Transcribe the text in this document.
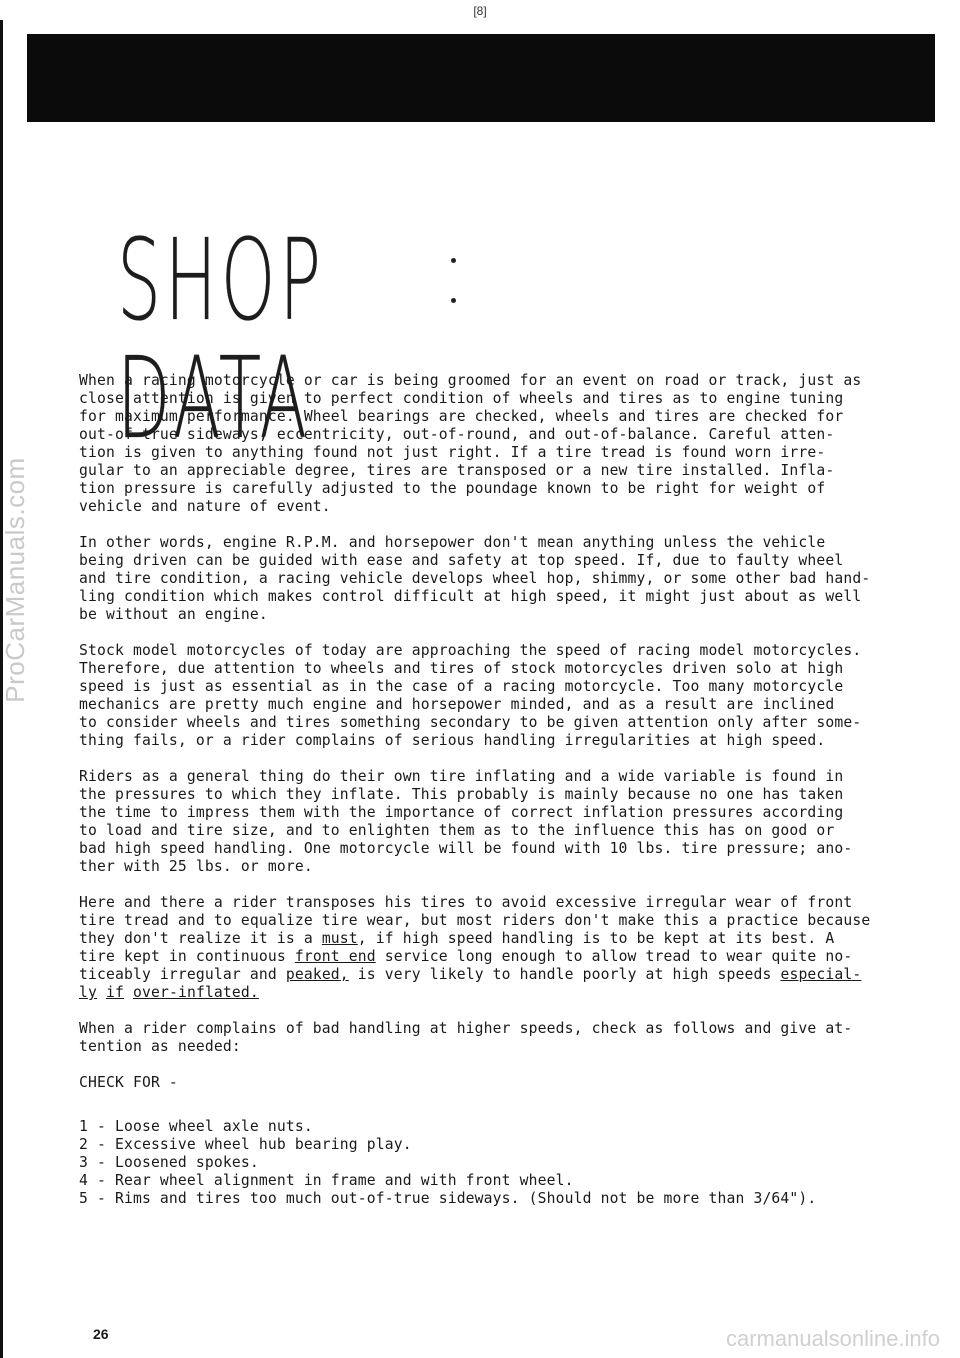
[8]
ProCarManuals.com
SHOP DATA

When a racing motorcycle or car is being groomed for an event on road or track, just as
close attention is given to perfect condition of wheels and tires as to engine tuning
for maximum performance. Wheel bearings are checked, wheels and tires are checked for
out-of-true sideways, eccentricity, out-of-round, and out-of-balance. Careful atten-
tion is given to anything found not just right. If a tire tread is found worn irre-
gular to an appreciable degree, tires are transposed or a new tire installed. Infla-
tion pressure is carefully adjusted to the poundage known to be right for weight of
vehicle and nature of event.

In other words, engine R.P.M. and horsepower don't mean anything unless the vehicle
being driven can be guided with ease and safety at top speed. If, due to faulty wheel
and tire condition, a racing vehicle develops wheel hop, shimmy, or some other bad hand-
ling condition which makes control difficult at high speed, it might just about as well
be without an engine.

Stock model motorcycles of today are approaching the speed of racing model motorcycles.
Therefore, due attention to wheels and tires of stock motorcycles driven solo at high
speed is just as essential as in the case of a racing motorcycle. Too many motorcycle
mechanics are pretty much engine and horsepower minded, and as a result are inclined
to consider wheels and tires something secondary to be given attention only after some-
thing fails, or a rider complains of serious handling irregularities at high speed.

Riders as a general thing do their own tire inflating and a wide variable is found in
the pressures to which they inflate. This probably is mainly because no one has taken
the time to impress them with the importance of correct inflation pressures according
to load and tire size, and to enlighten them as to the influence this has on good or
bad high speed handling. One motorcycle will be found with 10 lbs. tire pressure; ano-
ther with 25 lbs. or more.

Here and there a rider transposes his tires to avoid excessive irregular wear of front
tire tread and to equalize tire wear, but most riders don't make this a practice because
they don't realize it is a must, if high speed handling is to be kept at its best. A
tire kept in continuous front end service long enough to allow tread to wear quite no-
ticeably irregular and peaked, is very likely to handle poorly at high speeds especial-
ly if over-inflated.

When a rider complains of bad handling at higher speeds, check as follows and give at-
tention as needed:

CHECK FOR -

1 - Loose wheel axle nuts.
2 - Excessive wheel hub bearing play.
3 - Loosened spokes.
4 - Rear wheel alignment in frame and with front wheel.
5 - Rims and tires too much out-of-true sideways. (Should not be more than 3/64").
26	carmanualsonline.info
